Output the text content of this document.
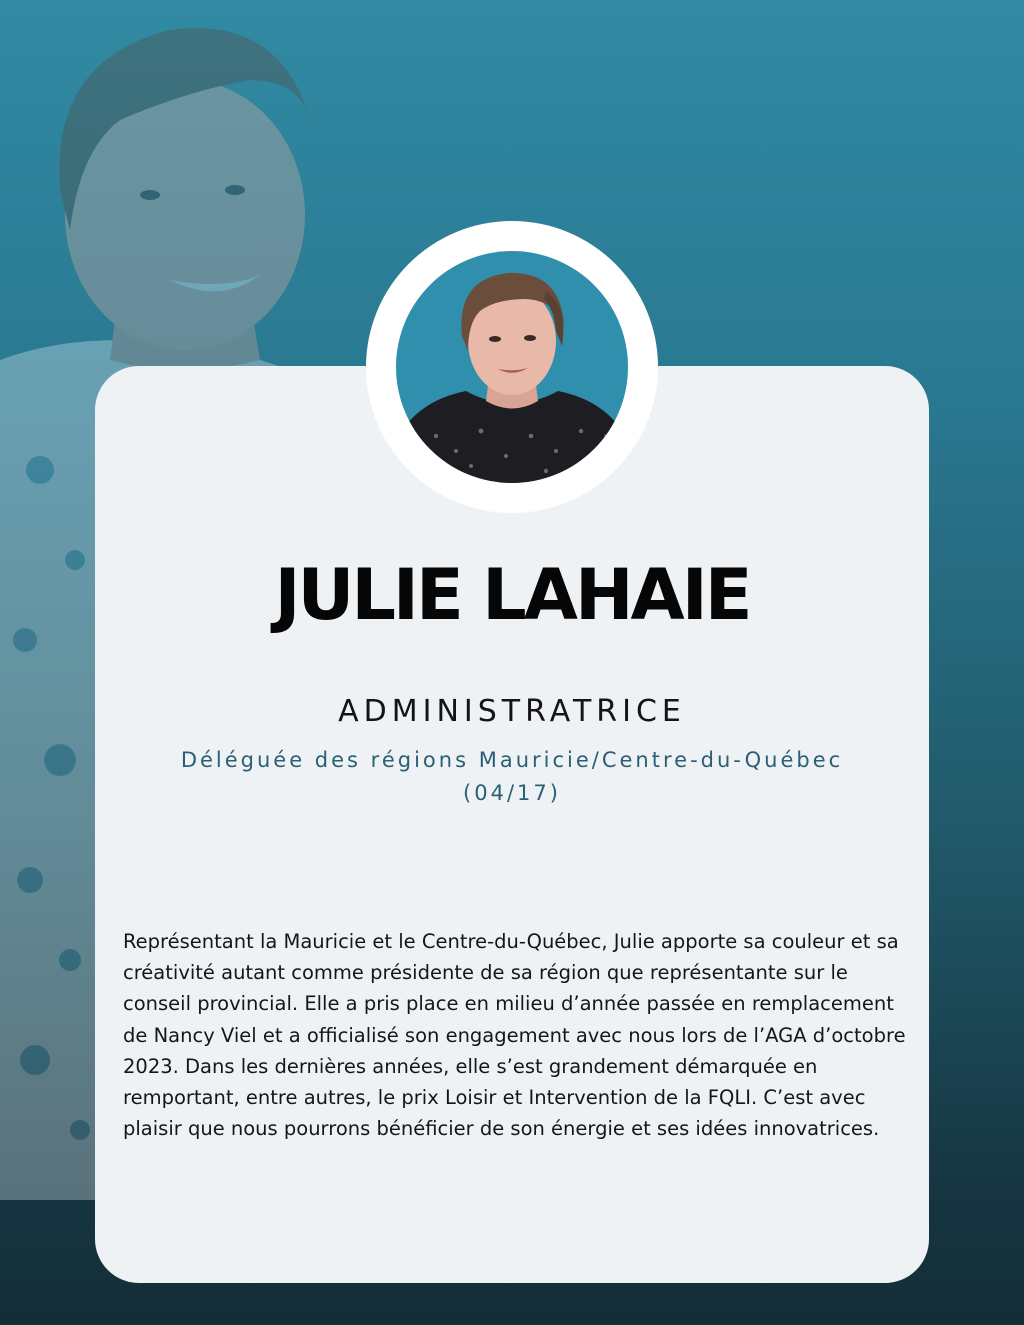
JULIE LAHAIE
ADMINISTRATRICE
Déléguée des régions Mauricie/Centre-du-Québec (04/17)

Représentant la Mauricie et le Centre-du-Québec, Julie apporte sa couleur et sa créativité autant comme présidente de sa région que représentante sur le conseil provincial. Elle a pris place en milieu d’année passée en remplacement de Nancy Viel et a officialisé son engagement avec nous lors de l’AGA d’octobre 2023. Dans les dernières années, elle s’est grandement démarquée en remportant, entre autres, le prix Loisir et Intervention de la FQLI. C’est avec plaisir que nous pourrons bénéficier de son énergie et ses idées innovatrices.
